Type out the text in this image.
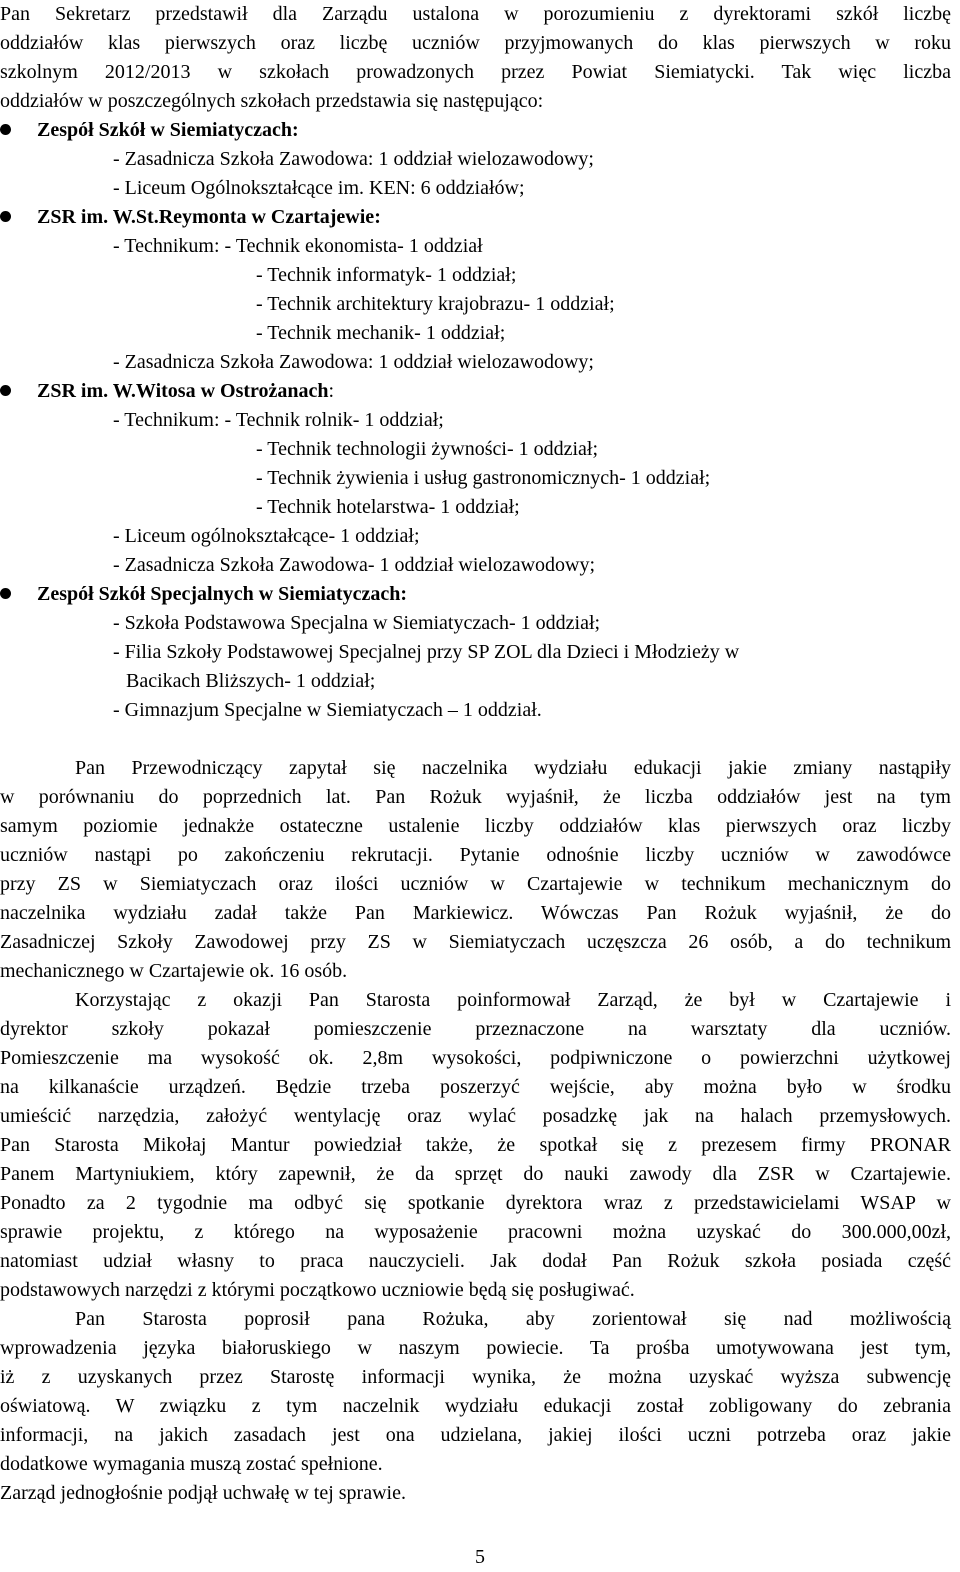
Pan Sekretarz przedstawił dla Zarządu ustalona w porozumieniu z dyrektorami szkół liczbę
oddziałów klas pierwszych oraz liczbę uczniów przyjmowanych do klas pierwszych w roku
szkolnym 2012/2013 w szkołach prowadzonych przez Powiat Siemiatycki. Tak więc liczba
oddziałów w poszczególnych szkołach przedstawia się następująco:
Zespół Szkół w Siemiatyczach:
- Zasadnicza Szkoła Zawodowa: 1 oddział wielozawodowy;
- Liceum Ogólnokształcące im. KEN: 6 oddziałów;
ZSR im. W.St.Reymonta w Czartajewie:
- Technikum: - Technik ekonomista- 1 oddział
- Technik informatyk- 1 oddział;
- Technik architektury krajobrazu- 1 oddział;
- Technik mechanik- 1 oddział;
- Zasadnicza Szkoła Zawodowa: 1 oddział wielozawodowy;
ZSR im. W.Witosa w Ostrożanach:
- Technikum: - Technik rolnik- 1 oddział;
- Technik technologii żywności- 1 oddział;
- Technik żywienia i usług gastronomicznych- 1 oddział;
- Technik hotelarstwa- 1 oddział;
- Liceum ogólnokształcące- 1 oddział;
- Zasadnicza Szkoła Zawodowa- 1 oddział wielozawodowy;
Zespół Szkół Specjalnych w Siemiatyczach:
- Szkoła Podstawowa Specjalna w Siemiatyczach- 1 oddział;
- Filia Szkoły Podstawowej Specjalnej przy SP ZOL dla Dzieci i Młodzieży w
Bacikach Bliższych- 1 oddział;
- Gimnazjum Specjalne w Siemiatyczach – 1 oddział.
Pan Przewodniczący zapytał się naczelnika wydziału edukacji jakie zmiany nastąpiły
w porównaniu do poprzednich lat. Pan Rożuk wyjaśnił, że liczba oddziałów jest na tym
samym poziomie jednakże ostateczne ustalenie liczby oddziałów klas pierwszych oraz liczby
uczniów nastąpi po zakończeniu rekrutacji. Pytanie odnośnie liczby uczniów w zawodówce
przy ZS w Siemiatyczach oraz ilości uczniów w Czartajewie w technikum mechanicznym do
naczelnika wydziału zadał także Pan Markiewicz. Wówczas Pan Rożuk wyjaśnił, że do
Zasadniczej Szkoły Zawodowej przy ZS w Siemiatyczach uczęszcza 26 osób, a do technikum
mechanicznego w Czartajewie ok. 16 osób.
Korzystając z okazji Pan Starosta poinformował Zarząd, że był w Czartajewie i
dyrektor szkoły pokazał pomieszczenie przeznaczone na warsztaty dla uczniów.
Pomieszczenie ma wysokość ok. 2,8m wysokości, podpiwniczone o powierzchni użytkowej
na kilkanaście urządzeń. Będzie trzeba poszerzyć wejście, aby można było w środku
umieścić narzędzia, założyć wentylację oraz wylać posadzkę jak na halach przemysłowych.
Pan Starosta Mikołaj Mantur powiedział także, że spotkał się z prezesem firmy PRONAR
Panem Martyniukiem, który zapewnił, że da sprzęt do nauki zawody dla ZSR w Czartajewie.
Ponadto za 2 tygodnie ma odbyć się spotkanie dyrektora wraz z przedstawicielami WSAP w
sprawie projektu, z którego na wyposażenie pracowni można uzyskać do 300.000,00zł,
natomiast udział własny to praca nauczycieli. Jak dodał Pan Rożuk szkoła posiada część
podstawowych narzędzi z którymi początkowo uczniowie będą się posługiwać.
Pan Starosta poprosił pana Rożuka, aby zorientował się nad możliwością
wprowadzenia języka białoruskiego w naszym powiecie. Ta prośba umotywowana jest tym,
iż z uzyskanych przez Starostę informacji wynika, że można uzyskać wyższa subwencję
oświatową. W związku z tym naczelnik wydziału edukacji został zobligowany do zebrania
informacji, na jakich zasadach jest ona udzielana, jakiej ilości uczni potrzeba oraz jakie
dodatkowe wymagania muszą zostać spełnione.
Zarząd jednogłośnie podjął uchwałę w tej sprawie.
5
